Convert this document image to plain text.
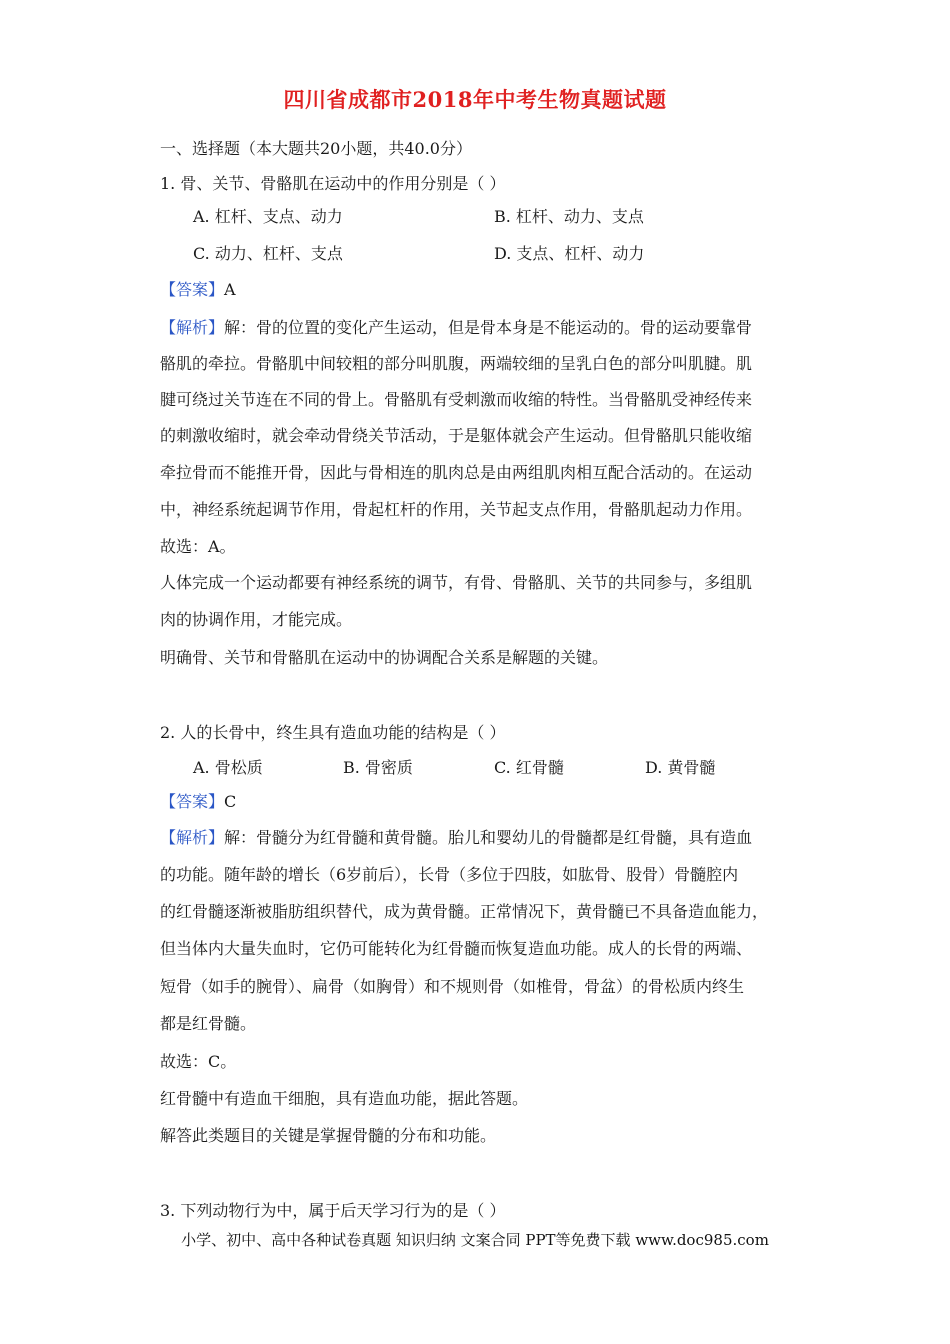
四川省成都市2018年中考生物真题试题
一、选择题（本大题共20小题，共40.0分）
1. 骨、关节、骨骼肌在运动中的作用分别是（ ）
A. 杠杆、支点、动力	B. 杠杆、动力、支点
C. 动力、杠杆、支点	D. 支点、杠杆、动力
【答案】A
【解析】解：骨的位置的变化产生运动，但是骨本身是不能运动的。骨的运动要靠骨
骼肌的牵拉。骨骼肌中间较粗的部分叫肌腹，两端较细的呈乳白色的部分叫肌腱。肌
腱可绕过关节连在不同的骨上。骨骼肌有受刺激而收缩的特性。当骨骼肌受神经传来
的刺激收缩时，就会牵动骨绕关节活动，于是躯体就会产生运动。但骨骼肌只能收缩
牵拉骨而不能推开骨，因此与骨相连的肌肉总是由两组肌肉相互配合活动的。在运动
中，神经系统起调节作用，骨起杠杆的作用，关节起支点作用，骨骼肌起动力作用。
故选：A。
人体完成一个运动都要有神经系统的调节，有骨、骨骼肌、关节的共同参与，多组肌
肉的协调作用，才能完成。
明确骨、关节和骨骼肌在运动中的协调配合关系是解题的关键。
2. 人的长骨中，终生具有造血功能的结构是（ ）
A. 骨松质	B. 骨密质	C. 红骨髓	D. 黄骨髓
【答案】C
【解析】解：骨髓分为红骨髓和黄骨髓。胎儿和婴幼儿的骨髓都是红骨髓，具有造血
的功能。随年龄的增长（6岁前后），长骨（多位于四肢，如肱骨、股骨）骨髓腔内
的红骨髓逐渐被脂肪组织替代，成为黄骨髓。正常情况下，黄骨髓已不具备造血能力，
但当体内大量失血时，它仍可能转化为红骨髓而恢复造血功能。成人的长骨的两端、
短骨（如手的腕骨）、扁骨（如胸骨）和不规则骨（如椎骨，骨盆）的骨松质内终生
都是红骨髓。
故选：C。
红骨髓中有造血干细胞，具有造血功能，据此答题。
解答此类题目的关键是掌握骨髓的分布和功能。
3. 下列动物行为中，属于后天学习行为的是（ ）
小学、初中、高中各种试卷真题 知识归纳 文案合同 PPT等免费下载 www.doc985.com
